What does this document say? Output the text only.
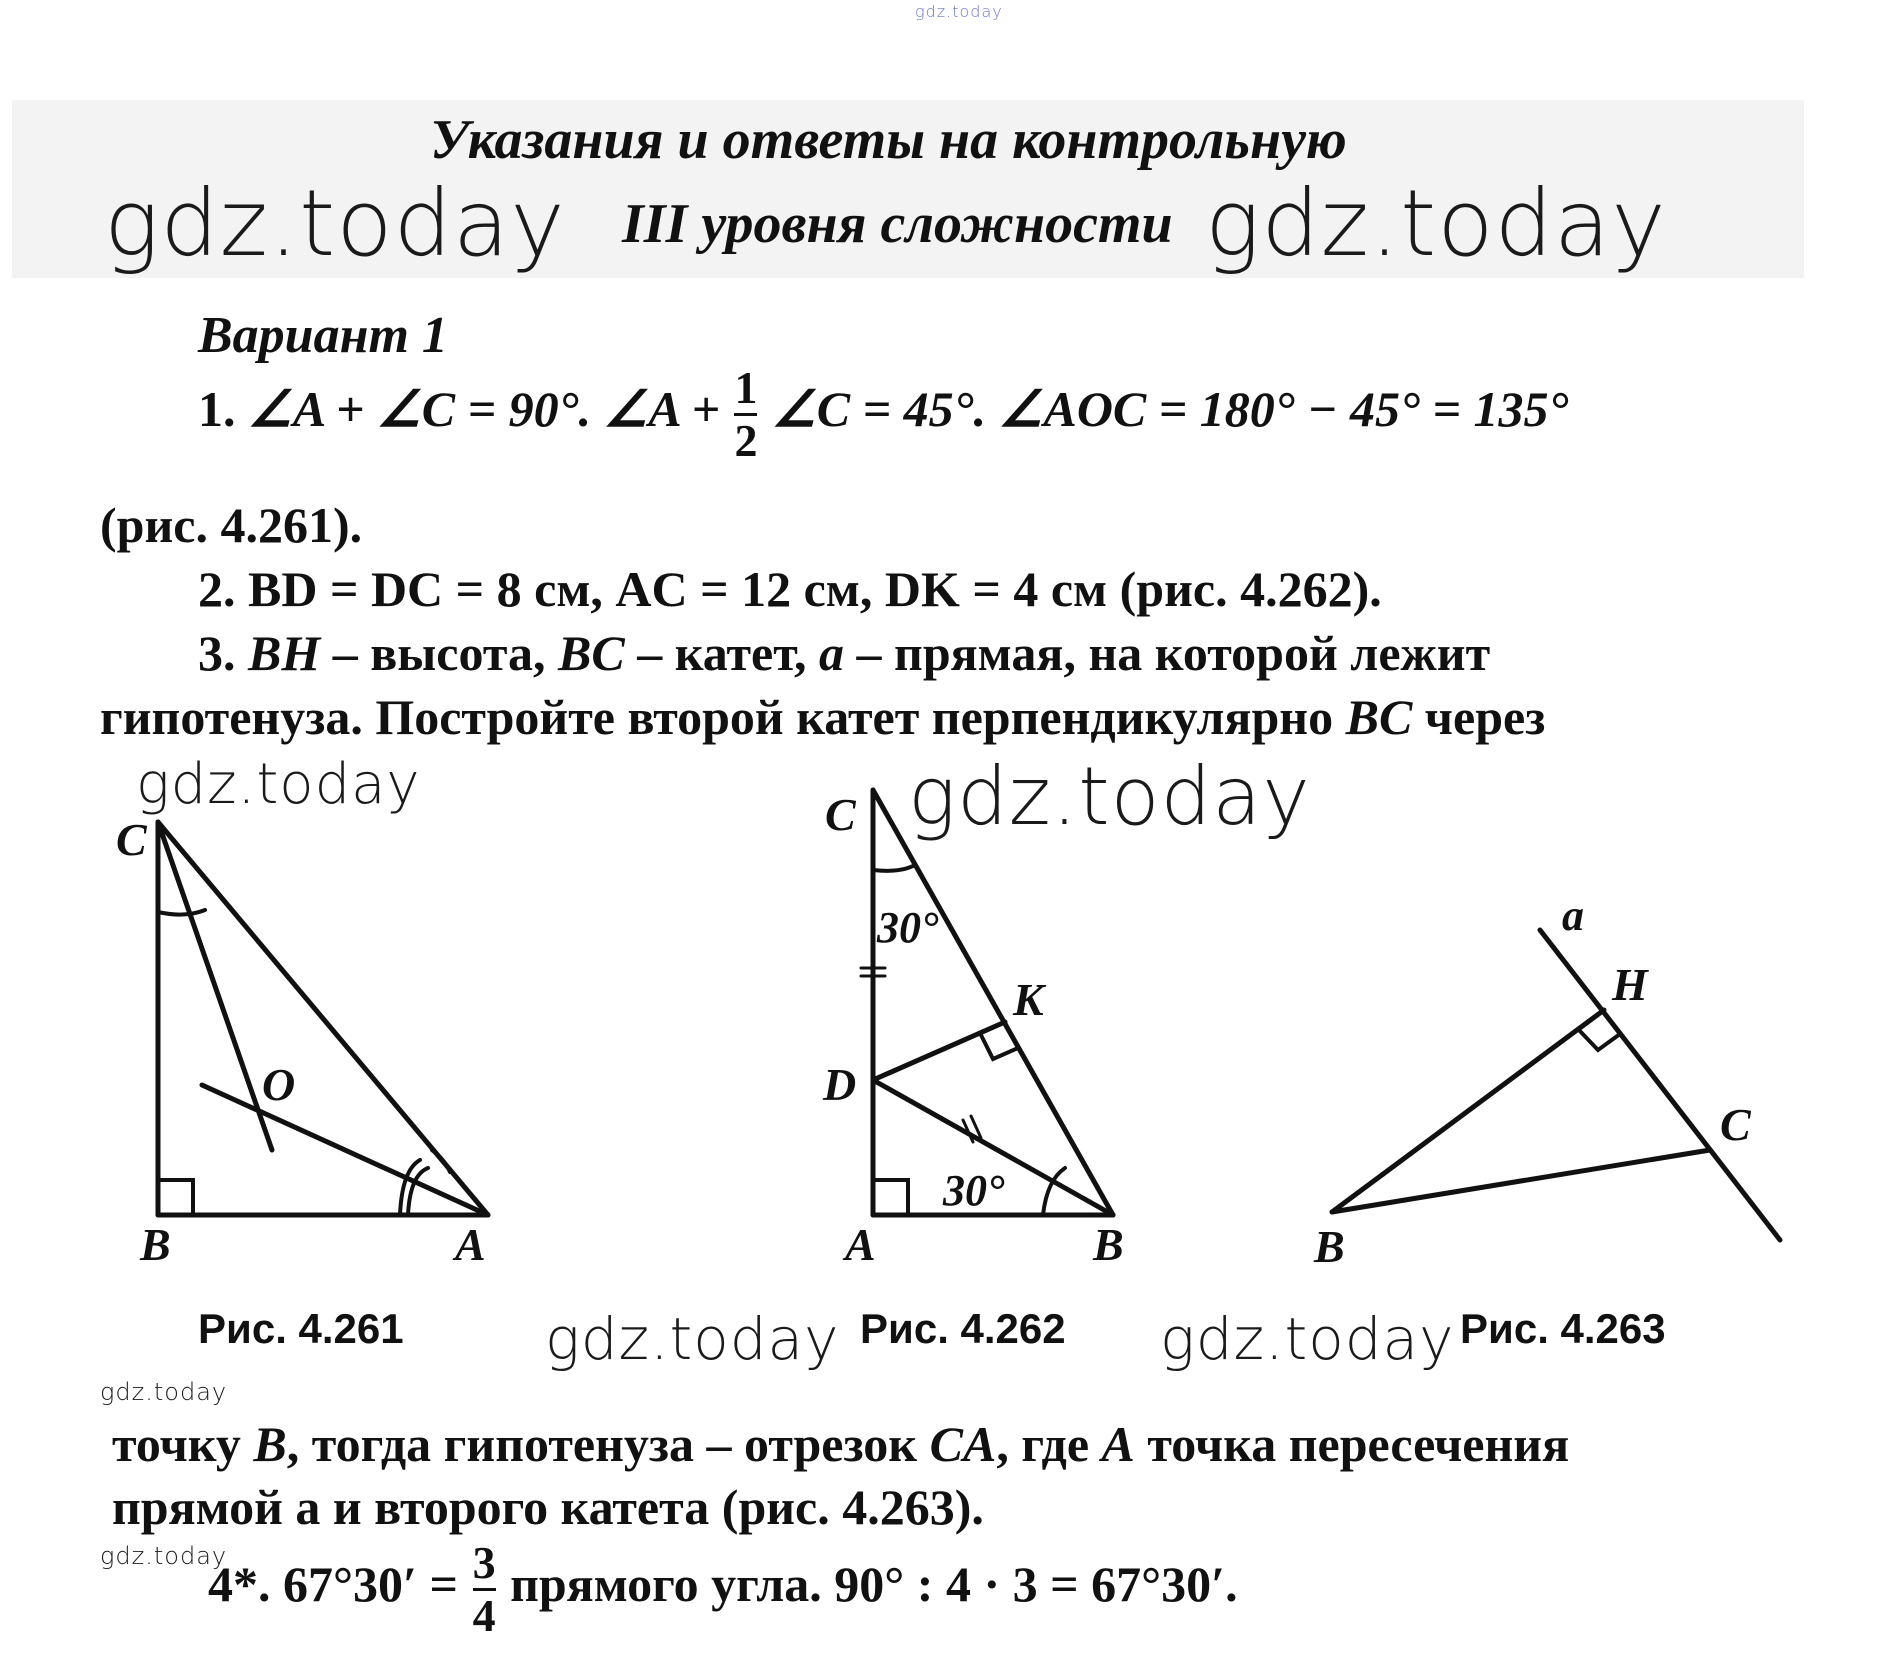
gdz.today
Указания и ответы на контрольную
III уровня сложности
gdz.today	gdz.today
Вариант 1
1. ∠A + ∠C = 90°. ∠A + $\frac{1}{2}$ ∠C = 45°. ∠AOC = 180° − 45° = 135°
(рис. 4.261).
2. BD = DC = 8 см, AC = 12 см, DK = 4 см (рис. 4.262).
3. BH – высота, BC – катет, a – прямая, на которой лежит
гипотенуза. Постройте второй катет перпендикулярно BC через
gdz.today	gdz.today
C
O
B	A
C
30°
K
D
30°
A	B
a
H
C
B
Рис. 4.261	Рис. 4.262	Рис. 4.263
gdz.today	gdz.today
gdz.today
точку B, тогда гипотенуза – отрезок CA, где A точка пересечения
прямой а и второго катета (рис. 4.263).
gdz.today
4*. $67^\circ 30' = \frac{3}{4}$ прямого угла. 90° : 4 · 3 = 67°30′.
